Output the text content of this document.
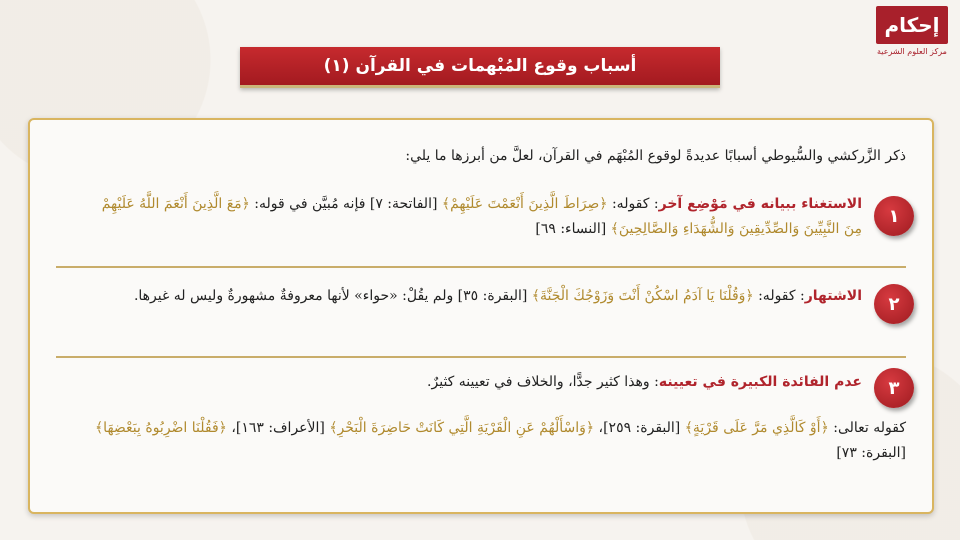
إحكام
مركز العلوم الشرعية
أسباب وقوع المُبْهمات في القرآن (١)
ذكر الزَّركشي والسُّيوطي أسبابًا عديدةً لوقوع المُبْهَم في القرآن، لعلَّ من أبرزها ما يلي:
١
الاستغناء ببيانه في مَوْضِع آخر: كقوله: ﴿صِرَاطَ الَّذِينَ أَنْعَمْتَ عَلَيْهِمْ﴾ [الفاتحة: ٧] فإنه مُبيَّن في قوله: ﴿مَعَ الَّذِينَ أَنْعَمَ اللَّهُ عَلَيْهِمْ مِنَ النَّبِيِّينَ وَالصِّدِّيقِينَ وَالشُّهَدَاءِ وَالصَّالِحِينَ﴾ [النساء: ٦٩]
٢
الاشتهار: كقوله: ﴿وَقُلْنَا يَا آدَمُ اسْكُنْ أَنْتَ وَزَوْجُكَ الْجَنَّةَ﴾ [البقرة: ٣٥] ولم يقُلْ: «حواء» لأنها معروفةٌ مشهورةٌ وليس له غيرها.
٣
عدم الفائدة الكبيرة في تعيينه: وهذا كثير جدًّا، والخلاف في تعيينه كثيرٌ.
كقوله تعالى: ﴿أَوْ كَالَّذِي مَرَّ عَلَى قَرْيَةٍ﴾ [البقرة: ٢٥٩]، ﴿وَاسْأَلْهُمْ عَنِ الْقَرْيَةِ الَّتِي كَانَتْ حَاضِرَةَ الْبَحْرِ﴾ [الأعراف: ١٦٣]، ﴿فَقُلْنَا اضْرِبُوهُ بِبَعْضِهَا﴾ [البقرة: ٧٣]
